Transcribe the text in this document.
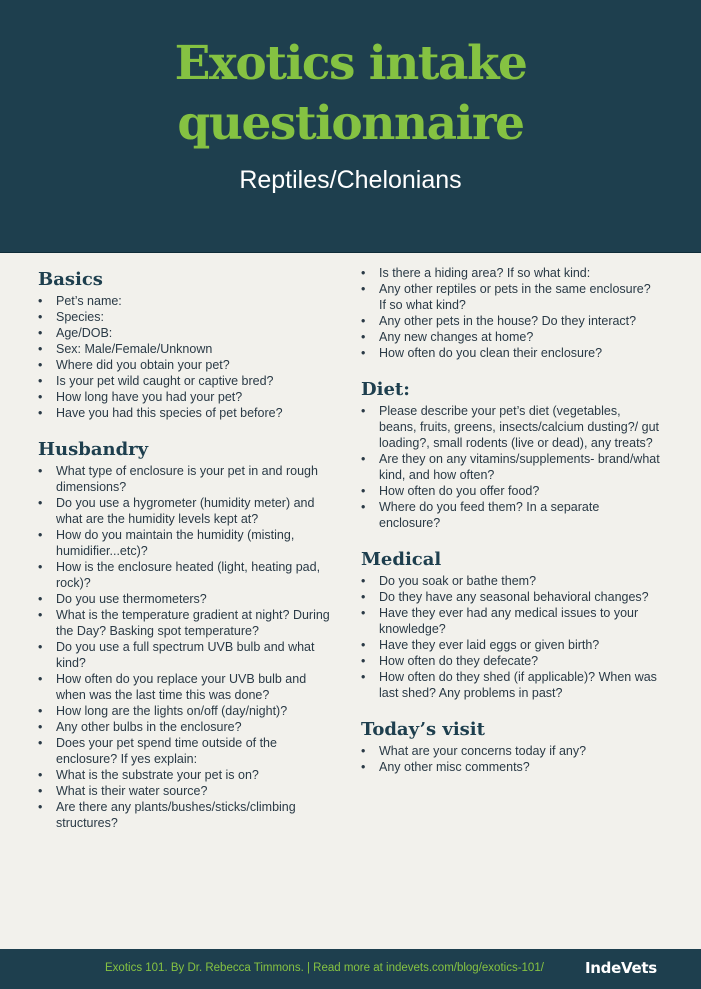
Exotics intake
questionnaire

Reptiles/Chelonians

Basics
• Pet’s name:
• Species:
• Age/DOB:
• Sex: Male/Female/Unknown
• Where did you obtain your pet?
• Is your pet wild caught or captive bred?
• How long have you had your pet?
• Have you had this species of pet before?
Husbandry
• What type of enclosure is your pet in and rough dimensions?
• Do you use a hygrometer (humidity meter) and what are the humidity levels kept at?
• How do you maintain the humidity (misting, humidifier...etc)?
• How is the enclosure heated (light, heating pad, rock)?
• Do you use thermometers?
• What is the temperature gradient at night? During the Day? Basking spot temperature?
• Do you use a full spectrum UVB bulb and what kind?
• How often do you replace your UVB bulb and when was the last time this was done?
• How long are the lights on/off (day/night)?
• Any other bulbs in the enclosure?
• Does your pet spend time outside of the enclosure? If yes explain:
• What is the substrate your pet is on?
• What is their water source?
• Are there any plants/bushes/sticks/climbing structures?
• Is there a hiding area? If so what kind:
• Any other reptiles or pets in the same enclosure? If so what kind?
• Any other pets in the house? Do they interact?
• Any new changes at home?
• How often do you clean their enclosure?
Diet:
• Please describe your pet’s diet (vegetables, beans, fruits, greens, insects/calcium dusting?/ gut loading?, small rodents (live or dead), any treats?
• Are they on any vitamins/supplements- brand/what kind, and how often?
• How often do you offer food?
• Where do you feed them? In a separate enclosure?
Medical
• Do you soak or bathe them?
• Do they have any seasonal behavioral changes?
• Have they ever had any medical issues to your knowledge?
• Have they ever laid eggs or given birth?
• How often do they defecate?
• How often do they shed (if applicable)? When was last shed? Any problems in past?
Today’s visit
• What are your concerns today if any?
• Any other misc comments?
Exotics 101. By Dr. Rebecca Timmons. | Read more at indevets.com/blog/exotics-101/	IndeVets
